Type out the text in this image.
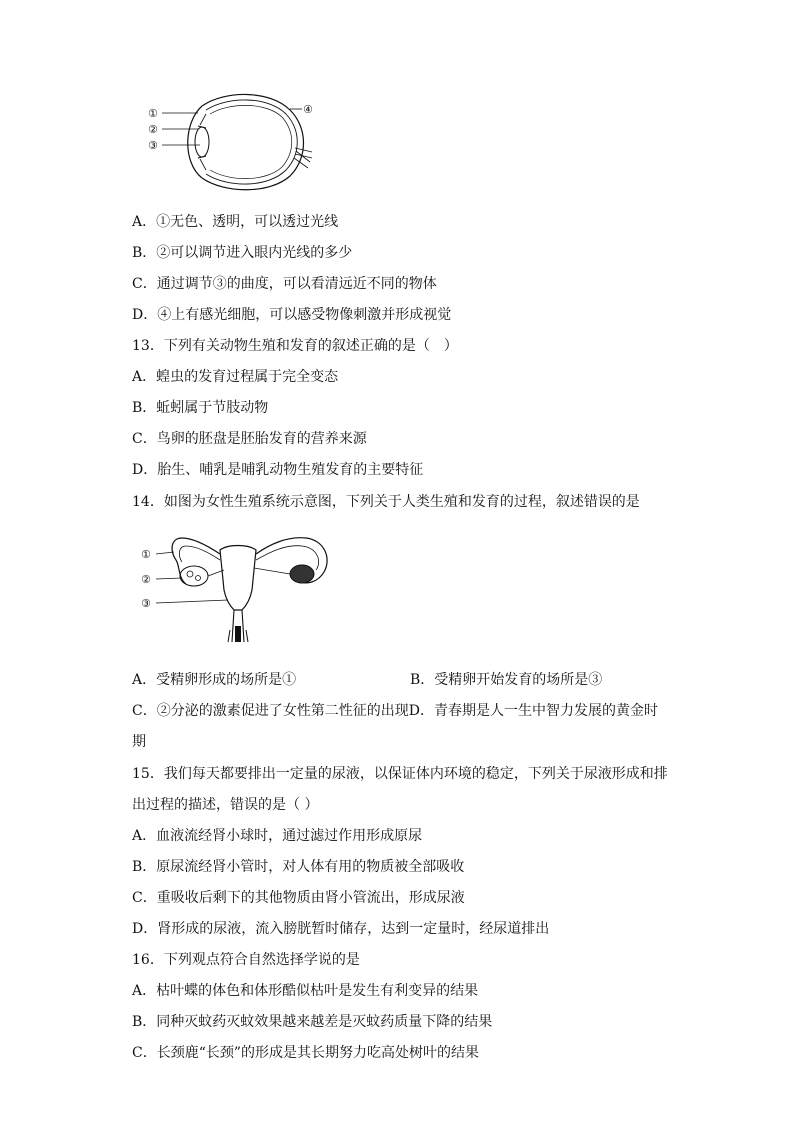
①
②
③
④
A．①无色、透明，可以透过光线
B．②可以调节进入眼内光线的多少
C．通过调节③的曲度，可以看清远近不同的物体
D．④上有感光细胞，可以感受物像刺激并形成视觉
13．下列有关动物生殖和发育的叙述正确的是（　）
A．蝗虫的发育过程属于完全变态
B．蚯蚓属于节肢动物
C．鸟卵的胚盘是胚胎发育的营养来源
D．胎生、哺乳是哺乳动物生殖发育的主要特征
14．如图为女性生殖系统示意图，下列关于人类生殖和发育的过程，叙述错误的是
①
②
③
A．受精卵形成的场所是①	B．受精卵开始发育的场所是③
C．②分泌的激素促进了女性第二性征的出现D．青春期是人一生中智力发展的黄金时
期
15．我们每天都要排出一定量的尿液，以保证体内环境的稳定，下列关于尿液形成和排
出过程的描述，错误的是（ ）
A．血液流经肾小球时，通过滤过作用形成原尿
B．原尿流经肾小管时，对人体有用的物质被全部吸收
C．重吸收后剩下的其他物质由肾小管流出，形成尿液
D．肾形成的尿液，流入膀胱暂时储存，达到一定量时，经尿道排出
16．下列观点符合自然选择学说的是
A．枯叶蝶的体色和体形酷似枯叶是发生有利变异的结果
B．同种灭蚊药灭蚊效果越来越差是灭蚊药质量下降的结果
C．长颈鹿“长颈”的形成是其长期努力吃高处树叶的结果
